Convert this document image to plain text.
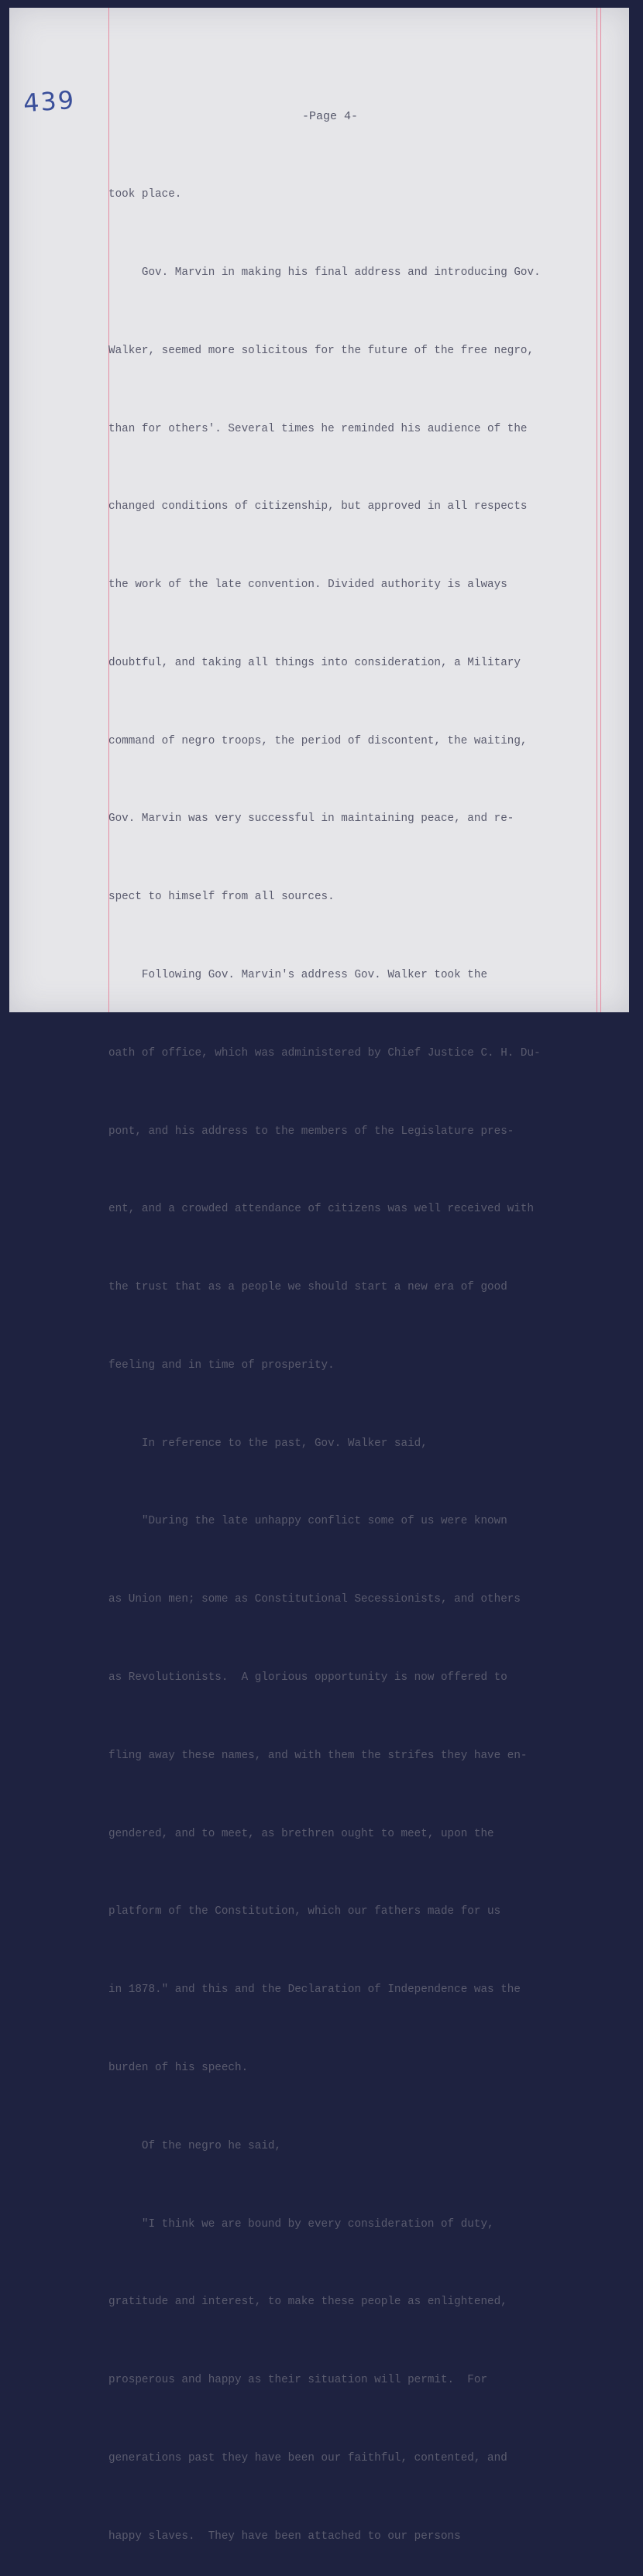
439	-Page 4-

took place.

Gov. Marvin in making his final address and introducing Gov.

Walker, seemed more solicitous for the future of the free negro,

than for others'. Several times he reminded his audience of the

changed conditions of citizenship, but approved in all respects

the work of the late convention. Divided authority is always

doubtful, and taking all things into consideration, a Military

command of negro troops, the period of discontent, the waiting,

Gov. Marvin was very successful in maintaining peace, and re-

spect to himself from all sources.

Following Gov. Marvin's address Gov. Walker took the

oath of office, which was administered by Chief Justice C. H. Du-

pont, and his address to the members of the Legislature pres-

ent, and a crowded attendance of citizens was well received with

the trust that as a people we should start a new era of good

feeling and in time of prosperity.

In reference to the past, Gov. Walker said,

"During the late unhappy conflict some of us were known

as Union men; some as Constitutional Secessionists, and others

as Revolutionists.  A glorious opportunity is now offered to

fling away these names, and with them the strifes they have en-

gendered, and to meet, as brethren ought to meet, upon the

platform of the Constitution, which our fathers made for us

in 1878." and this and the Declaration of Independence was the

burden of his speech.

Of the negro he said,

"I think we are bound by every consideration of duty,

gratitude and interest, to make these people as enlightened,

prosperous and happy as their situation will permit.  For

generations past they have been our faithful, contented, and

happy slaves.  They have been attached to our persons
